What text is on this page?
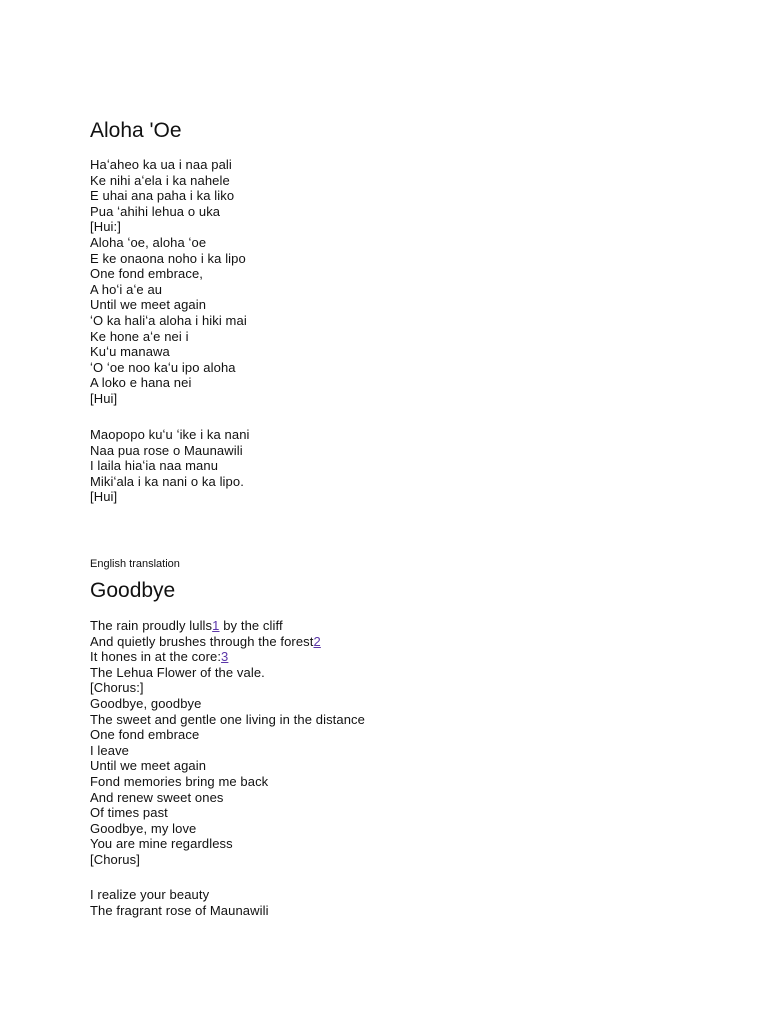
Aloha 'Oe
Haʻaheo ka ua i naa pali
Ke nihi aʻela i ka nahele
E uhai ana paha i ka liko
Pua ʻahihi lehua o uka
[Hui:]
Aloha ʻoe, aloha ʻoe
E ke onaona noho i ka lipo
One fond embrace,
A hoʻi aʻe au
Until we meet again
ʻO ka haliʻa aloha i hiki mai
Ke hone aʻe nei i
Kuʻu manawa
ʻO ʻoe noo kaʻu ipo aloha
A loko e hana nei
[Hui]
Maopopo kuʻu ʻike i ka nani
Naa pua rose o Maunawili
I laila hiaʻia naa manu
Mikiʻala i ka nani o ka lipo.
[Hui]
English translation
Goodbye
The rain proudly lulls1 by the cliff
And quietly brushes through the forest2
It hones in at the core:3
The Lehua Flower of the vale.
[Chorus:]
Goodbye, goodbye
The sweet and gentle one living in the distance
One fond embrace
I leave
Until we meet again
Fond memories bring me back
And renew sweet ones
Of times past
Goodbye, my love
You are mine regardless
[Chorus]
I realize your beauty
The fragrant rose of Maunawili
